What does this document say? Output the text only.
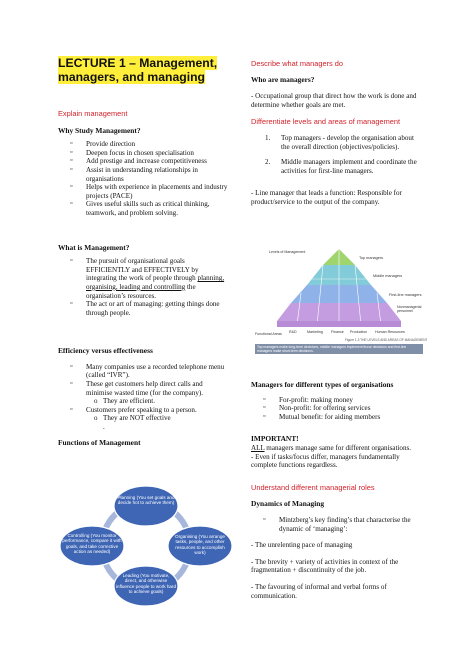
LECTURE 1 – Management,
managers, and managing

Explain management

Why Study Management?

▫ Provide direction
▫ Deepen focus in chosen specialisation
▫ Add prestige and increase competitiveness
▫ Assist in understanding relationships in organisations
▫ Helps with experience in placements and industry projects (PACE)
▫ Gives useful skills such as critical thinking, teamwork, and problem solving.

What is Management?

▫ The pursuit of organisational goals EFFICIENTLY and EFFECTIVELY by integrating the work of people through planning, organising, leading and controlling the organisation’s resources.
▫ The act or art of managing: getting things done through people.

Efficiency versus effectiveness

▫ Many companies use a recorded telephone menu (called “IVR”).
▫ These get customers help direct calls and minimise wasted time (for the company).
o They are efficient.
▫ Customers prefer speaking to a person.
o They are NOT effective

.

Functions of Management

Planning (You set goals and decide hot to achieve them)
Organising (You arrange tasks, people, and other resources to accomplish work)
Leading (You motivate, direct, and otherwise influence people to work hard to achieve goals)
Controlling (You monitor performance, compare it with goals, and take corrective action as needed)

Describe what managers do

Who are managers?

- Occupational group that direct how the work is done and determine whether goals are met.

Differentiate levels and areas of management

1. Top managers - develop the organisation about the overall direction (objectives/policies).
2. Middle managers implement and coordinate the activities for first-line managers.

- Line manager that leads a function: Responsible for product/service to the output of the company.

Levels of Management
Top managers
Middle managers
First-line managers
Nonmanagerial personnel
Functional Areas R&D	Marketing Finance Production Human Resources
Figure 1.3 THE LEVELS AND AREAS OF MANAGEMENT
Top managers make long-term decisions, middle managers implement those decisions and first-line managers make short-term decisions.

Managers for different types of organisations

▫ For-profit: making money
▫ Non-profit: for offering services
▫ Mutual benefit: for aiding members

IMPORTANT!

ALL managers manage same for different organisations.

- Even if tasks/focus differ, managers fundamentally complete functions regardless.

Understand different managerial roles

Dynamics of Managing

▫ Mintzberg’s key finding’s that characterise the dynamic of ‘managing’:

- The unrelenting pace of managing

- The brevity + variety of activities in context of the fragmentation + discontinuity of the job.

- The favouring of informal and verbal forms of communication.
